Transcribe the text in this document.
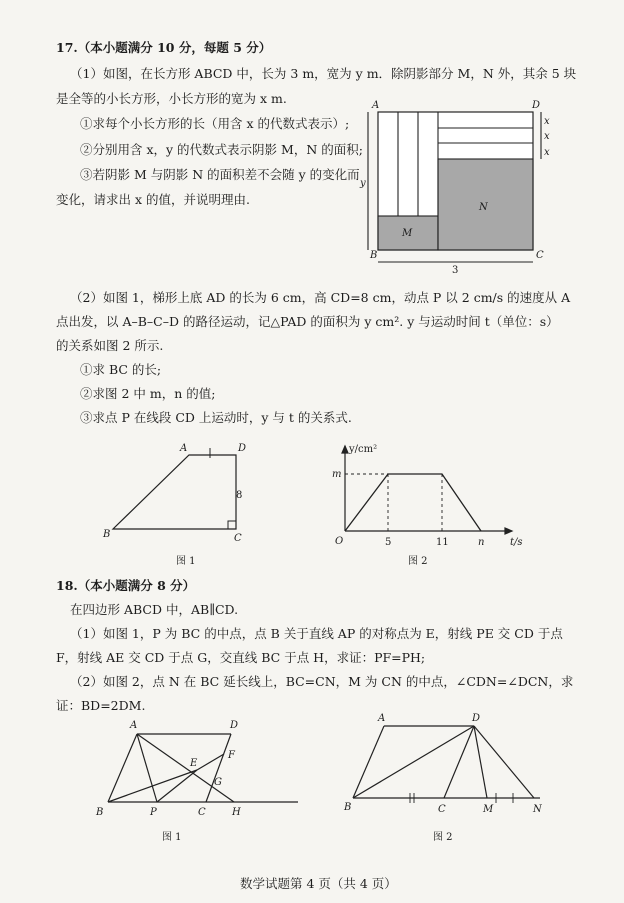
17.（本小题满分 10 分，每题 5 分）
（1）如图，在长方形 ABCD 中，长为 3 m，宽为 y m．除阴影部分 M，N 外，其余 5 块
是全等的小长方形，小长方形的宽为 x m.
①求每个小长方形的长（用含 x 的代数式表示）;
②分别用含 x，y 的代数式表示阴影 M，N 的面积;
③若阴影 M 与阴影 N 的面积差不会随 y 的变化而
变化，请求出 x 的值，并说明理由.
A	D
B	C
M
N
3
y
x
x
x
（2）如图 1，梯形上底 AD 的长为 6 cm，高 CD=8 cm，动点 P 以 2 cm/s 的速度从 A
点出发，以 A–B–C–D 的路径运动，记△PAD 的面积为 y cm². y 与运动时间 t（单位：s）
的关系如图 2 所示.
①求 BC 的长;
②求图 2 中 m，n 的值;
③求点 P 在线段 CD 上运动时，y 与 t 的关系式.
A	D
B	C
8
图 1
y/cm²
m
O	5	11	n	t/s
图 2
18.（本小题满分 8 分）
在四边形 ABCD 中，AB∥CD.
（1）如图 1，P 为 BC 的中点，点 B 关于直线 AP 的对称点为 E，射线 PE 交 CD 于点
F，射线 AE 交 CD 于点 G，交直线 BC 于点 H，求证：PF=PH;
（2）如图 2，点 N 在 BC 延长线上，BC=CN，M 为 CN 的中点，∠CDN=∠DCN，求
证：BD=2DM.
A	D
E
F
G
B	P	C	H
图 1
A	D
B	C	M	N
图 2
数学试题第 4 页（共 4 页）
